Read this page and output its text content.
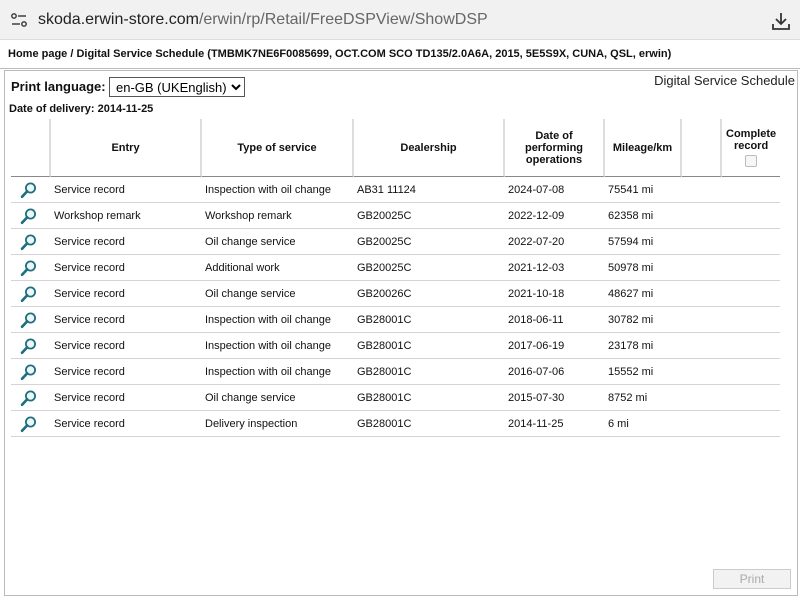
skoda.erwin-store.com/erwin/rp/Retail/FreeDSPView/ShowDSP
Home page / Digital Service Schedule (TMBMK7NE6F0085699, OCT.COM SCO TD135/2.0A6A, 2015, 5E5S9X, CUNA, QSL, erwin)
Print language:
en-GB (UKEnglish)	Digital Service Schedule
Date of delivery: 2014-11-25
	Entry	Type of service	Dealership	Date of performing operations	Mileage/km		Complete record

	Service record	Inspection with oil change	AB31 11124	2024-07-08	75541 mi		

	Workshop remark	Workshop remark	GB20025C	2022-12-09	62358 mi		

	Service record	Oil change service	GB20025C	2022-07-20	57594 mi		

	Service record	Additional work	GB20025C	2021-12-03	50978 mi		

	Service record	Oil change service	GB20026C	2021-10-18	48627 mi		

	Service record	Inspection with oil change	GB28001C	2018-06-11	30782 mi		

	Service record	Inspection with oil change	GB28001C	2017-06-19	23178 mi		

	Service record	Inspection with oil change	GB28001C	2016-07-06	15552 mi		

	Service record	Oil change service	GB28001C	2015-07-30	8752 mi		

	Service record	Delivery inspection	GB28001C	2014-11-25	6 mi		
Print
